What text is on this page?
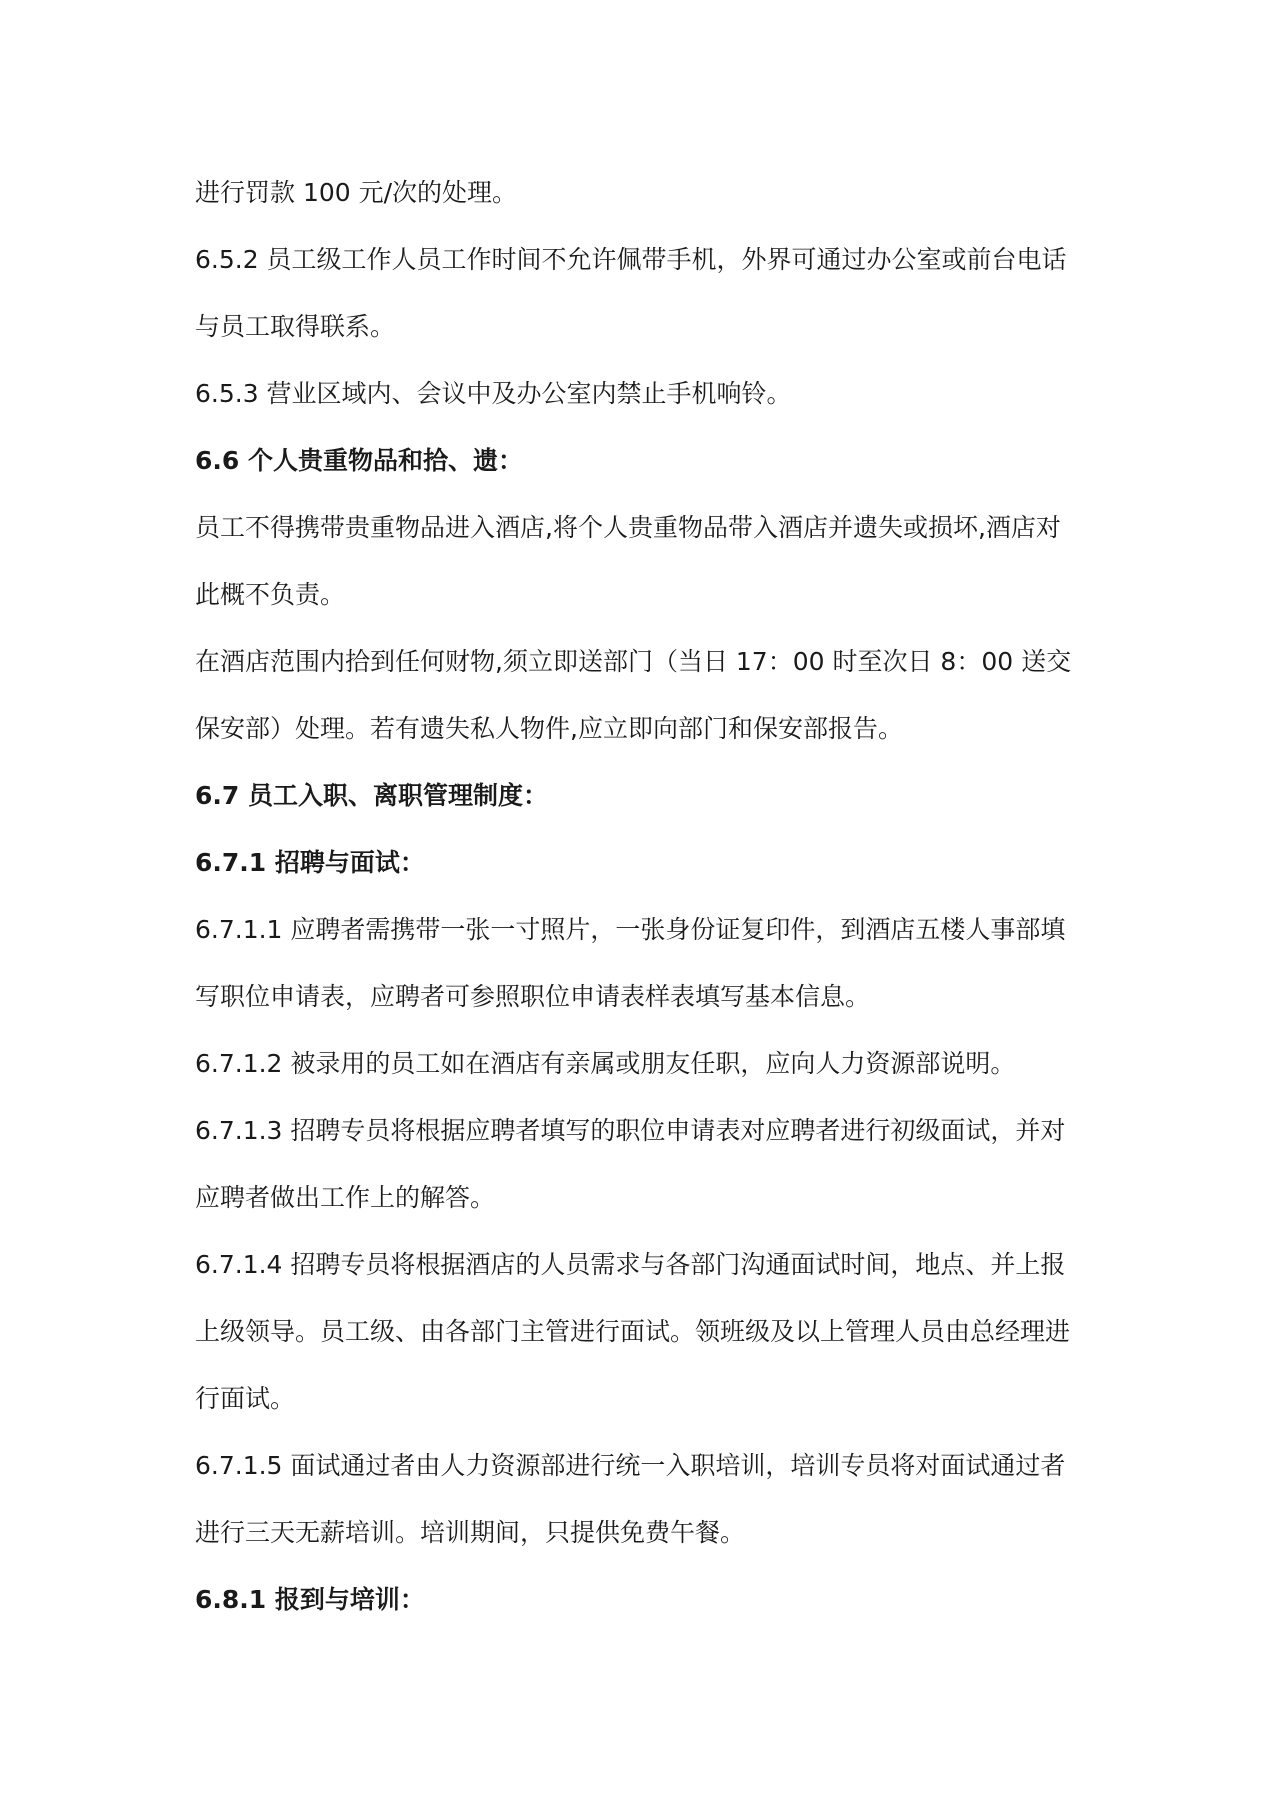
进行罚款 100 元/次的处理。
6.5.2 员工级工作人员工作时间不允许佩带手机，外界可通过办公室或前台电话
与员工取得联系。
6.5.3 营业区域内、会议中及办公室内禁止手机响铃。
6.6 个人贵重物品和拾、遗：
员工不得携带贵重物品进入酒店,将个人贵重物品带入酒店并遗失或损坏,酒店对
此概不负责。
在酒店范围内拾到任何财物,须立即送部门（当日 17：00 时至次日 8：00 送交
保安部）处理。若有遗失私人物件,应立即向部门和保安部报告。
6.7 员工入职、离职管理制度：
6.7.1 招聘与面试：
6.7.1.1 应聘者需携带一张一寸照片，一张身份证复印件，到酒店五楼人事部填
写职位申请表，应聘者可参照职位申请表样表填写基本信息。
6.7.1.2 被录用的员工如在酒店有亲属或朋友任职，应向人力资源部说明。
6.7.1.3 招聘专员将根据应聘者填写的职位申请表对应聘者进行初级面试，并对
应聘者做出工作上的解答。
6.7.1.4 招聘专员将根据酒店的人员需求与各部门沟通面试时间，地点、并上报
上级领导。员工级、由各部门主管进行面试。领班级及以上管理人员由总经理进
行面试。
6.7.1.5 面试通过者由人力资源部进行统一入职培训，培训专员将对面试通过者
进行三天无薪培训。培训期间，只提供免费午餐。
6.8.1 报到与培训：
